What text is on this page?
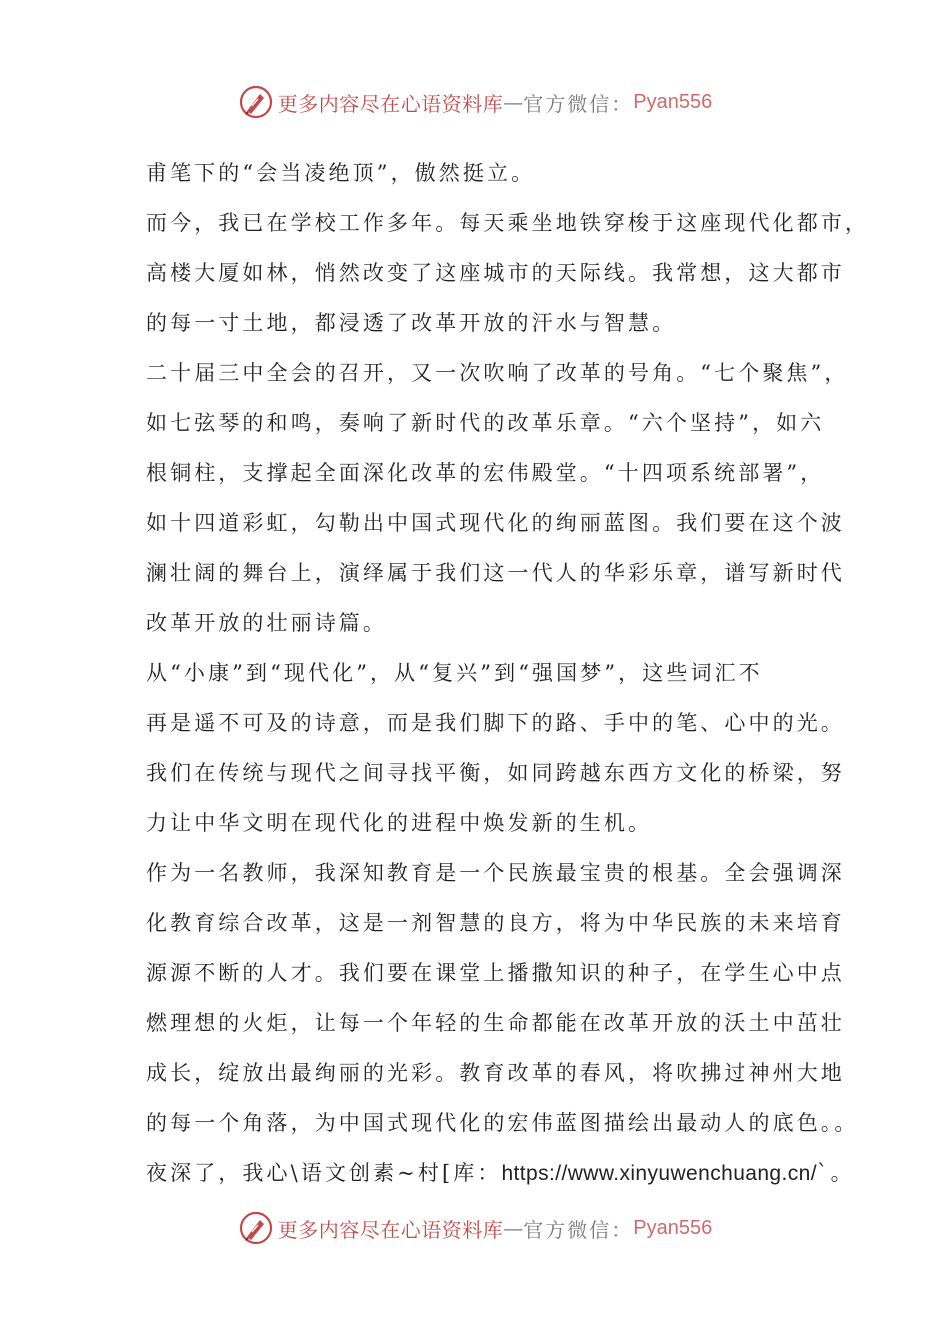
更多内容尽在心语资料库 — 官方微信： Pyan556
甫笔下的“会当凌绝顶”，傲然挺立。
而今，我已在学校工作多年。每天乘坐地铁穿梭于这座现代化都市，
高楼大厦如林，悄然改变了这座城市的天际线。我常想，这大都市
的每一寸土地，都浸透了改革开放的汗水与智慧。
二十届三中全会的召开，又一次吹响了改革的号角。“七个聚焦”，
如七弦琴的和鸣，奏响了新时代的改革乐章。“六个坚持”，如六
根铜柱，支撑起全面深化改革的宏伟殿堂。“十四项系统部署”，
如十四道彩虹，勾勒出中国式现代化的绚丽蓝图。我们要在这个波
澜壮阔的舞台上，演绎属于我们这一代人的华彩乐章，谱写新时代
改革开放的壮丽诗篇。
从“小康”到“现代化”，从“复兴”到“强国梦”，这些词汇不
再是遥不可及的诗意，而是我们脚下的路、手中的笔、心中的光。
我们在传统与现代之间寻找平衡，如同跨越东西方文化的桥梁，努
力让中华文明在现代化的进程中焕发新的生机。
作为一名教师，我深知教育是一个民族最宝贵的根基。全会强调深
化教育综合改革，这是一剂智慧的良方，将为中华民族的未来培育
源源不断的人才。我们要在课堂上播撒知识的种子，在学生心中点
燃理想的火炬，让每一个年轻的生命都能在改革开放的沃土中茁壮
成长，绽放出最绚丽的光彩。教育改革的春风，将吹拂过神州大地
的每一个角落，为中国式现代化的宏伟蓝图描绘出最动人的底色。。
夜深了，我心\语文创素~村[库：https://www.xinyuwenchuang.cn/`。
更多内容尽在心语资料库 — 官方微信： Pyan556
